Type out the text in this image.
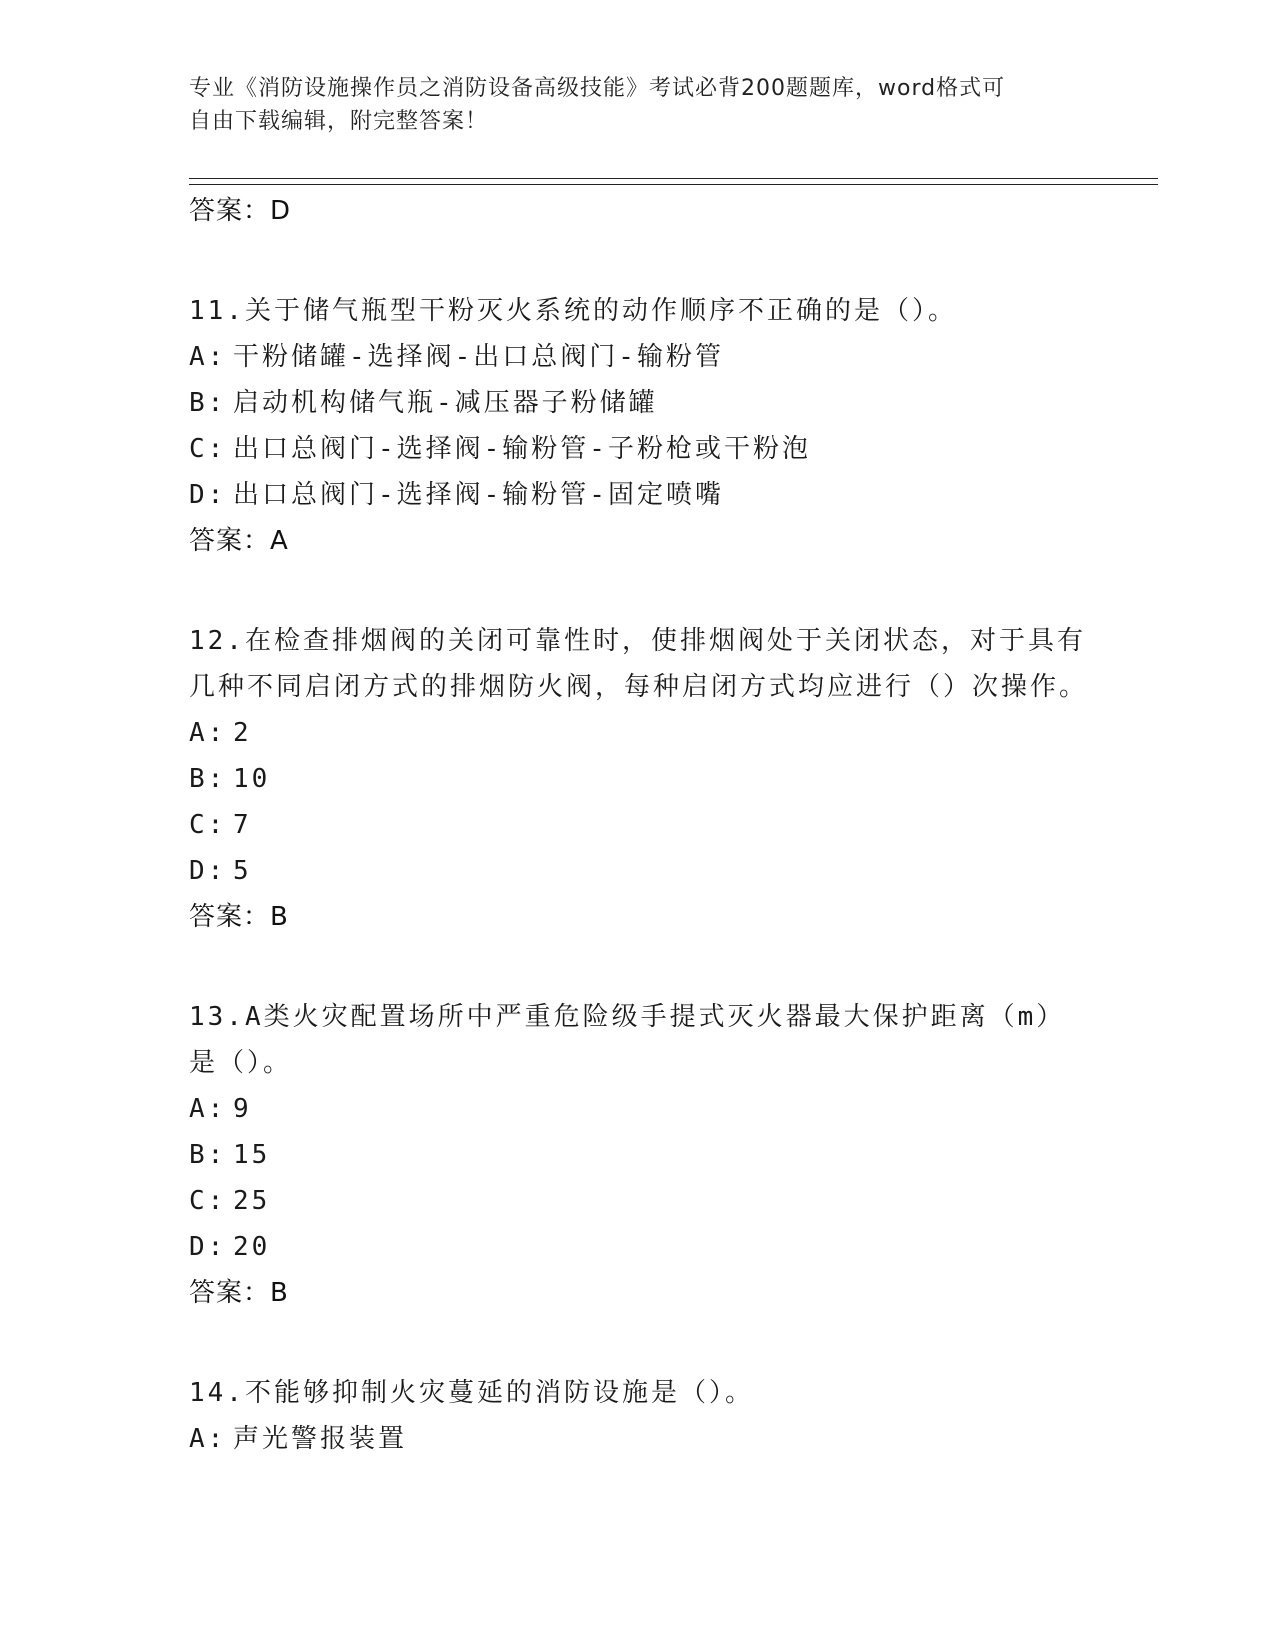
专业《消防设施操作员之消防设备高级技能》考试必背200题题库，word格式可
自由下载编辑，附完整答案！
答案：D
11.关于储气瓶型干粉灭火系统的动作顺序不正确的是（）。
A: 干粉储罐-选择阀-出口总阀门-输粉管
B: 启动机构储气瓶-减压器子粉储罐
C: 出口总阀门-选择阀-输粉管-子粉枪或干粉泡
D: 出口总阀门-选择阀-输粉管-固定喷嘴
答案：A
12.在检查排烟阀的关闭可靠性时，使排烟阀处于关闭状态，对于具有几种不同启闭方式的排烟防火阀，每种启闭方式均应进行（）次操作。
A: 2
B: 10
C: 7
D: 5
答案：B
13.A类火灾配置场所中严重危险级手提式灭火器最大保护距离（m）是（）。
A: 9
B: 15
C: 25
D: 20
答案：B
14.不能够抑制火灾蔓延的消防设施是（）。
A: 声光警报装置
